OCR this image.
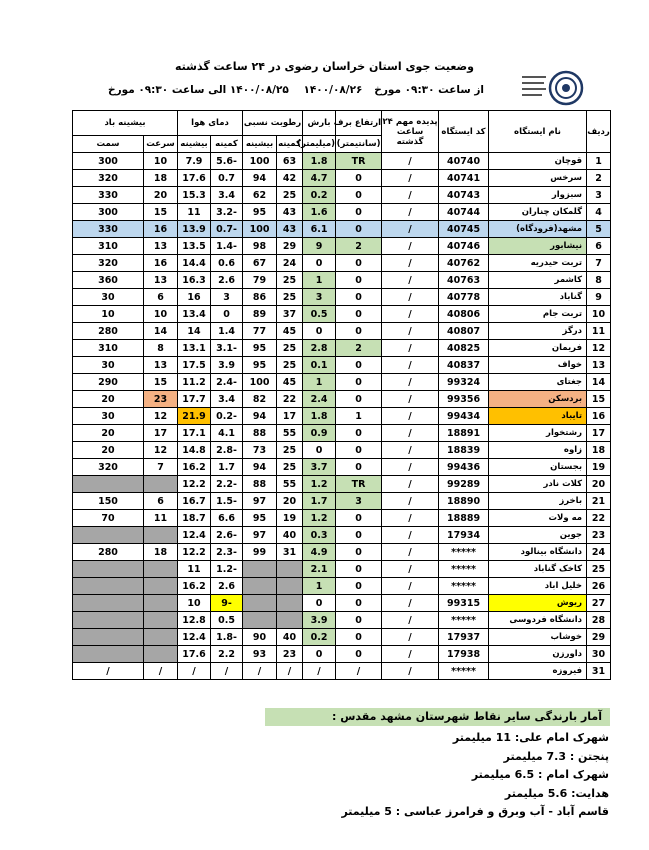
وضعیت جوی استان خراسان رضوی در ۲۴ ساعت گذشته
از ساعت ۰۹:۳۰ مورخ
۱۴۰۰/۰۸/۲۶    ۱۴۰۰/۰۸/۲۵ الی ساعت ۰۹:۳۰ مورخ
ردیف	نام ایستگاه	کد ایستگاه	پدیده مهم ۲۴ ساعت گذشته	ارتفاع برف	بارش	رطوبت نسبی		دمای هوا		بیشینه باد	
				(سانتیمتر)	(میلیمتر)	کمینه	بیشینه	کمینه	بیشینه	سرعت	سمت
1	قوچان	40740	/	TR	1.8	63	100	-5.6	7.9	10	300
2	سرخس	40741	/	0	4.7	42	94	0.7	17.6	18	320
3	سبزوار	40743	/	0	0.2	25	62	3.4	15.3	20	330
4	گلمکان چناران	40744	/	0	1.6	43	95	-3.2	11	15	300
5	مشهد(فرودگاه)	40745	/	0	6.1	43	100	-0.7	13.9	16	330
6	نیشابور	40746	/	2	9	29	98	-1.4	13.5	13	310
7	تربت حیدریه	40762	/	0	0	24	67	0.6	14.4	16	320
8	کاشمر	40763	/	0	1	25	79	2.6	16.3	13	360
9	گناباد	40778	/	0	3	25	86	3	16	6	30
10	تربت جام	40806	/	0	0.5	37	89	0	13.4	10	10
11	درگز	40807	/	0	0	45	77	1.4	14	14	280
12	فریمان	40825	/	2	2.8	25	95	-3.1	13.1	8	310
13	خواف	40837	/	0	0.1	25	95	3.9	17.5	13	30
14	جغتای	99324	/	0	1	45	100	-2.4	11.2	15	290
15	بردسکن	99356	/	0	2.4	22	82	3.4	17.7	23	20
16	تایباد	99434	/	1	1.8	17	94	-0.2	21.9	12	30
17	رشتخوار	18891	/	0	0.9	55	88	4.1	17.1	17	20
18	زاوه	18839	/	0	0	25	73	-2.8	14.8	12	20
19	بجستان	99436	/	0	3.7	25	94	1.7	16.2	7	320
20	کلات نادر	99289	/	TR	1.2	55	88	-2.2	12.2		
21	باخرز	18890	/	3	1.7	20	97	-1.5	16.7	6	150
22	مه ولات	18889	/	0	1.2	19	95	6.6	18.7	11	70
23	جوین	17934	/	0	0.3	40	97	-2.6	12.4		
24	دانشگاه بینالود	*****	/	0	4.9	31	99	-2.3	12.2	18	280
25	کاخک گناباد	*****	/	0	2.1			-1.2	11		
26	خلیل اباد	*****	/	0	1			2.6	16.2		
27	ریوش	99315	/	0	0			-9	10		
28	دانشگاه فردوسی	*****	/	0	3.9			0.5	12.8		
29	خوشاب	17937	/	0	0.2	40	90	-1.8	12.4		
30	داورزن	17938	/	0	0	23	93	2.2	17.6		
31	فیروزه	*****	/	/	/	/	/	/	/	/	/
آمار بارندگی سایر نقاط شهرستان مشهد مقدس :
شهرک امام علی: 11 میلیمتر
پنجتن : 7.3 میلیمتر
شهرک امام : 6.5 میلیمتر
هدایت: 5.6 میلیمتر
قاسم آباد - آب وبرق و فرامرز عباسی : 5 میلیمتر
